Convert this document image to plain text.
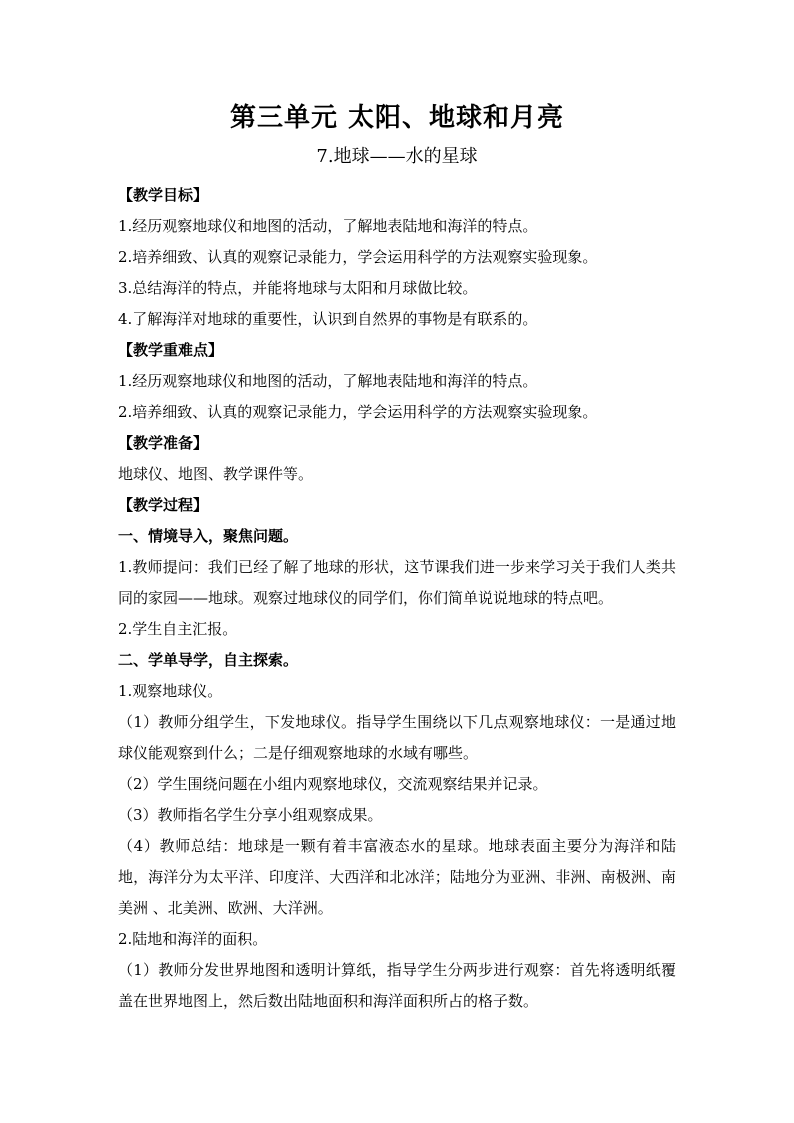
第三单元 太阳、地球和月亮
7.地球——水的星球
【教学目标】
1.经历观察地球仪和地图的活动，了解地表陆地和海洋的特点。
2.培养细致、认真的观察记录能力，学会运用科学的方法观察实验现象。
3.总结海洋的特点，并能将地球与太阳和月球做比较。
4.了解海洋对地球的重要性，认识到自然界的事物是有联系的。
【教学重难点】
1.经历观察地球仪和地图的活动，了解地表陆地和海洋的特点。
2.培养细致、认真的观察记录能力，学会运用科学的方法观察实验现象。
【教学准备】
地球仪、地图、教学课件等。
【教学过程】
一、情境导入，聚焦问题。

1.教师提问：我们已经了解了地球的形状，这节课我们进一步来学习关于我们人类共同的家园——地球。观察过地球仪的同学们，你们简单说说地球的特点吧。

2.学生自主汇报。

二、学单导学，自主探索。

1.观察地球仪。

（1）教师分组学生，下发地球仪。指导学生围绕以下几点观察地球仪：一是通过地球仪能观察到什么；二是仔细观察地球的水域有哪些。

（2）学生围绕问题在小组内观察地球仪，交流观察结果并记录。

（3）教师指名学生分享小组观察成果。

（4）教师总结：地球是一颗有着丰富液态水的星球。地球表面主要分为海洋和陆地，海洋分为太平洋、印度洋、大西洋和北冰洋；陆地分为亚洲、非洲、南极洲、南美洲 、北美洲、欧洲、大洋洲。

2.陆地和海洋的面积。

（1）教师分发世界地图和透明计算纸，指导学生分两步进行观察：首先将透明纸覆盖在世界地图上，然后数出陆地面积和海洋面积所占的格子数。
